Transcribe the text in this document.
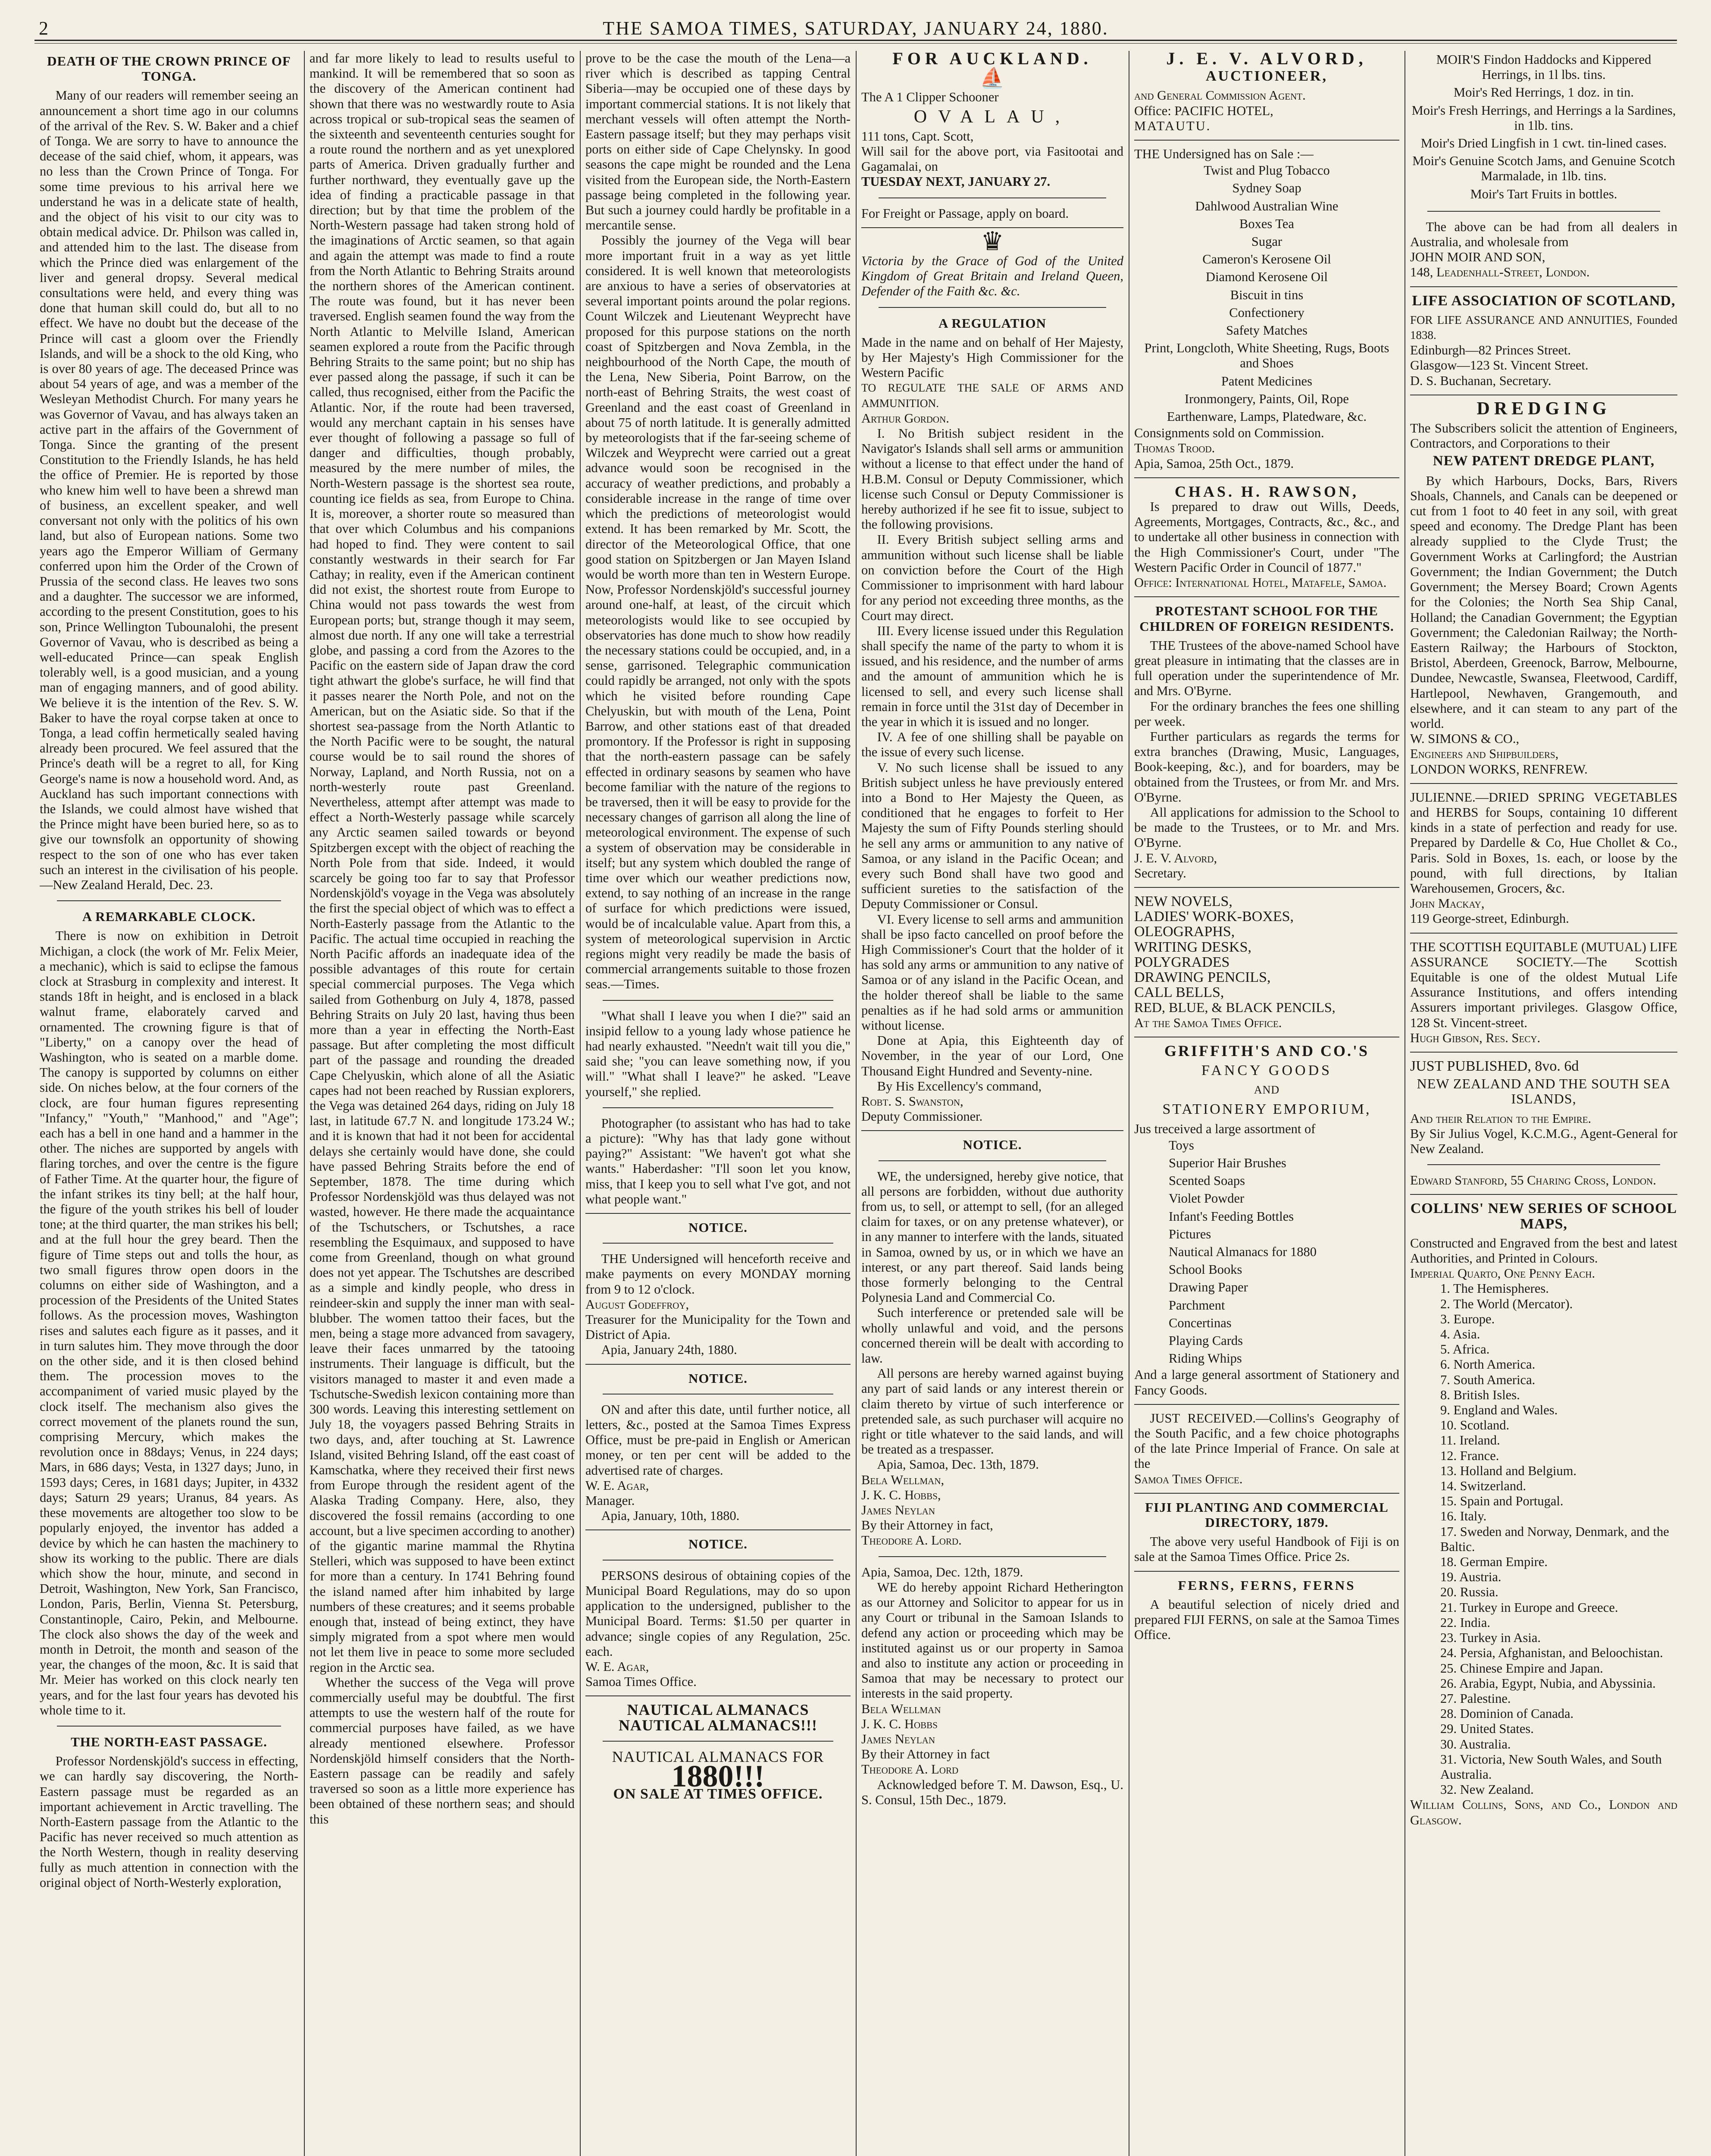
2	THE SAMOA TIMES, SATURDAY, JANUARY 24, 1880.
DEATH OF THE CROWN PRINCE OF TONGA.

Many of our readers will remember seeing an announcement a short time ago in our columns of the arrival of the Rev. S. W. Baker and a chief of Tonga. We are sorry to have to announce the decease of the said chief, whom, it appears, was no less than the Crown Prince of Tonga. For some time previous to his arrival here we understand he was in a delicate state of health, and the object of his visit to our city was to obtain medical advice. Dr. Philson was called in, and attended him to the last. The disease from which the Prince died was enlargement of the liver and general dropsy. Several medical consultations were held, and every thing was done that human skill could do, but all to no effect. We have no doubt but the decease of the Prince will cast a gloom over the Friendly Islands, and will be a shock to the old King, who is over 80 years of age. The deceased Prince was about 54 years of age, and was a member of the Wesleyan Methodist Church. For many years he was Governor of Vavau, and has always taken an active part in the affairs of the Government of Tonga. Since the granting of the present Constitution to the Friendly Islands, he has held the office of Premier. He is reported by those who knew him well to have been a shrewd man of business, an excellent speaker, and well conversant not only with the politics of his own land, but also of European nations. Some two years ago the Emperor William of Germany conferred upon him the Order of the Crown of Prussia of the second class. He leaves two sons and a daughter. The successor we are informed, according to the present Constitution, goes to his son, Prince Wellington Tubounalohi, the present Governor of Vavau, who is described as being a well-educated Prince—can speak English tolerably well, is a good musician, and a young man of engaging manners, and of good ability. We believe it is the intention of the Rev. S. W. Baker to have the royal corpse taken at once to Tonga, a lead coffin hermetically sealed having already been procured. We feel assured that the Prince's death will be a regret to all, for King George's name is now a household word. And, as Auckland has such important connections with the Islands, we could almost have wished that the Prince might have been buried here, so as to give our townsfolk an opportunity of showing respect to the son of one who has ever taken such an interest in the civilisation of his people.—New Zealand Herald, Dec. 23.

A REMARKABLE CLOCK.

There is now on exhibition in Detroit Michigan, a clock (the work of Mr. Felix Meier, a mechanic), which is said to eclipse the famous clock at Strasburg in complexity and interest. It stands 18ft in height, and is enclosed in a black walnut frame, elaborately carved and ornamented. The crowning figure is that of "Liberty," on a canopy over the head of Washington, who is seated on a marble dome. The canopy is supported by columns on either side. On niches below, at the four corners of the clock, are four human figures representing "Infancy," "Youth," "Manhood," and "Age"; each has a bell in one hand and a hammer in the other. The niches are supported by angels with flaring torches, and over the centre is the figure of Father Time. At the quarter hour, the figure of the infant strikes its tiny bell; at the half hour, the figure of the youth strikes his bell of louder tone; at the third quarter, the man strikes his bell; and at the full hour the grey beard. Then the figure of Time steps out and tolls the hour, as two small figures throw open doors in the columns on either side of Washington, and a procession of the Presidents of the United States follows. As the procession moves, Washington rises and salutes each figure as it passes, and it in turn salutes him. They move through the door on the other side, and it is then closed behind them. The procession moves to the accompaniment of varied music played by the clock itself. The mechanism also gives the correct movement of the planets round the sun, comprising Mercury, which makes the revolution once in 88days; Venus, in 224 days; Mars, in 686 days; Vesta, in 1327 days; Juno, in 1593 days; Ceres, in 1681 days; Jupiter, in 4332 days; Saturn 29 years; Uranus, 84 years. As these movements are altogether too slow to be popularly enjoyed, the inventor has added a device by which he can hasten the machinery to show its working to the public. There are dials which show the hour, minute, and second in Detroit, Washington, New York, San Francisco, London, Paris, Berlin, Vienna St. Petersburg, Constantinople, Cairo, Pekin, and Melbourne. The clock also shows the day of the week and month in Detroit, the month and season of the year, the changes of the moon, &c. It is said that Mr. Meier has worked on this clock nearly ten years, and for the last four years has devoted his whole time to it.

THE NORTH-EAST PASSAGE.

Professor Nordenskjöld's success in effecting, we can hardly say discovering, the North-Eastern passage must be regarded as an important achievement in Arctic travelling. The North-Eastern passage from the Atlantic to the Pacific has never received so much attention as the North Western, though in reality deserving fully as much attention in connection with the original object of North-Westerly exploration,

and far more likely to lead to results useful to mankind. It will be remembered that so soon as the discovery of the American continent had shown that there was no westwardly route to Asia across tropical or sub-tropical seas the seamen of the sixteenth and seventeenth centuries sought for a route round the northern and as yet unexplored parts of America. Driven gradually further and further northward, they eventually gave up the idea of finding a practicable passage in that direction; but by that time the problem of the North-Western passage had taken strong hold of the imaginations of Arctic seamen, so that again and again the attempt was made to find a route from the North Atlantic to Behring Straits around the northern shores of the American continent. The route was found, but it has never been traversed. English seamen found the way from the North Atlantic to Melville Island, American seamen explored a route from the Pacific through Behring Straits to the same point; but no ship has ever passed along the passage, if such it can be called, thus recognised, either from the Pacific the Atlantic. Nor, if the route had been traversed, would any merchant captain in his senses have ever thought of following a passage so full of danger and difficulties, though probably, measured by the mere number of miles, the North-Western passage is the shortest sea route, counting ice fields as sea, from Europe to China. It is, moreover, a shorter route so measured than that over which Columbus and his companions had hoped to find. They were content to sail constantly westwards in their search for Far Cathay; in reality, even if the American continent did not exist, the shortest route from Europe to China would not pass towards the west from European ports; but, strange though it may seem, almost due north. If any one will take a terrestrial globe, and passing a cord from the Azores to the Pacific on the eastern side of Japan draw the cord tight athwart the globe's surface, he will find that it passes nearer the North Pole, and not on the American, but on the Asiatic side. So that if the shortest sea-passage from the North Atlantic to the North Pacific were to be sought, the natural course would be to sail round the shores of Norway, Lapland, and North Russia, not on a north-westerly route past Greenland. Nevertheless, attempt after attempt was made to effect a North-Westerly passage while scarcely any Arctic seamen sailed towards or beyond Spitzbergen except with the object of reaching the North Pole from that side. Indeed, it would scarcely be going too far to say that Professor Nordenskjöld's voyage in the Vega was absolutely the first the special object of which was to effect a North-Easterly passage from the Atlantic to the Pacific. The actual time occupied in reaching the North Pacific affords an inadequate idea of the possible advantages of this route for certain special commercial purposes. The Vega which sailed from Gothenburg on July 4, 1878, passed Behring Straits on July 20 last, having thus been more than a year in effecting the North-East passage. But after completing the most difficult part of the passage and rounding the dreaded Cape Chelyuskin, which alone of all the Asiatic capes had not been reached by Russian explorers, the Vega was detained 264 days, riding on July 18 last, in latitude 67.7 N. and longitude 173.24 W.; and it is known that had it not been for accidental delays she certainly would have done, she could have passed Behring Straits before the end of September, 1878. The time during which Professor Nordenskjöld was thus delayed was not wasted, however. He there made the acquaintance of the Tschutschers, or Tschutshes, a race resembling the Esquimaux, and supposed to have come from Greenland, though on what ground does not yet appear. The Tschutshes are described as a simple and kindly people, who dress in reindeer-skin and supply the inner man with seal-blubber. The women tattoo their faces, but the men, being a stage more advanced from savagery, leave their faces unmarred by the tatooing instruments. Their language is difficult, but the visitors managed to master it and even made a Tschutsche-Swedish lexicon containing more than 300 words. Leaving this interesting settlement on July 18, the voyagers passed Behring Straits in two days, and, after touching at St. Lawrence Island, visited Behring Island, off the east coast of Kamschatka, where they received their first news from Europe through the resident agent of the Alaska Trading Company. Here, also, they discovered the fossil remains (according to one account, but a live specimen according to another) of the gigantic marine mammal the Rhytina Stelleri, which was supposed to have been extinct for more than a century. In 1741 Behring found the island named after him inhabited by large numbers of these creatures; and it seems probable enough that, instead of being extinct, they have simply migrated from a spot where men would not let them live in peace to some more secluded region in the Arctic sea.

Whether the success of the Vega will prove commercially useful may be doubtful. The first attempts to use the western half of the route for commercial purposes have failed, as we have already mentioned elsewhere. Professor Nordenskjöld himself considers that the North-Eastern passage can be readily and safely traversed so soon as a little more experience has been obtained of these northern seas; and should this

prove to be the case the mouth of the Lena—a river which is described as tapping Central Siberia—may be occupied one of these days by important commercial stations. It is not likely that merchant vessels will often attempt the North-Eastern passage itself; but they may perhaps visit ports on either side of Cape Chelynsky. In good seasons the cape might be rounded and the Lena visited from the European side, the North-Eastern passage being completed in the following year. But such a journey could hardly be profitable in a mercantile sense.

Possibly the journey of the Vega will bear more important fruit in a way as yet little considered. It is well known that meteorologists are anxious to have a series of observatories at several important points around the polar regions. Count Wilczek and Lieutenant Weyprecht have proposed for this purpose stations on the north coast of Spitzbergen and Nova Zembla, in the neighbourhood of the North Cape, the mouth of the Lena, New Siberia, Point Barrow, on the north-east of Behring Straits, the west coast of Greenland and the east coast of Greenland in about 75 of north latitude. It is generally admitted by meteorologists that if the far-seeing scheme of Wilczek and Weyprecht were carried out a great advance would soon be recognised in the accuracy of weather predictions, and probably a considerable increase in the range of time over which the predictions of meteorologist would extend. It has been remarked by Mr. Scott, the director of the Meteorological Office, that one good station on Spitzbergen or Jan Mayen Island would be worth more than ten in Western Europe. Now, Professor Nordenskjöld's successful journey around one-half, at least, of the circuit which meteorologists would like to see occupied by observatories has done much to show how readily the necessary stations could be occupied, and, in a sense, garrisoned. Telegraphic communication could rapidly be arranged, not only with the spots which he visited before rounding Cape Chelyuskin, but with mouth of the Lena, Point Barrow, and other stations east of that dreaded promontory. If the Professor is right in supposing that the north-eastern passage can be safely effected in ordinary seasons by seamen who have become familiar with the nature of the regions to be traversed, then it will be easy to provide for the necessary changes of garrison all along the line of meteorological environment. The expense of such a system of observation may be considerable in itself; but any system which doubled the range of time over which our weather predictions now, extend, to say nothing of an increase in the range of surface for which predictions were issued, would be of incalculable value. Apart from this, a system of meteorological supervision in Arctic regions might very readily be made the basis of commercial arrangements suitable to those frozen seas.—Times.

"What shall I leave you when I die?" said an insipid fellow to a young lady whose patience he had nearly exhausted. "Needn't wait till you die," said she; "you can leave something now, if you will." "What shall I leave?" he asked. "Leave yourself," she replied.

Photographer (to assistant who has had to take a picture): "Why has that lady gone without paying?" Assistant: "We haven't got what she wants." Haberdasher: "I'll soon let you know, miss, that I keep you to sell what I've got, and not what people want."

NOTICE.

THE Undersigned will henceforth receive and make payments on every MONDAY morning from 9 to 12 o'clock.

August Godeffroy,

Treasurer for the Municipality for the Town and District of Apia.

Apia, January 24th, 1880.

NOTICE.

ON and after this date, until further notice, all letters, &c., posted at the Samoa Times Express Office, must be pre-paid in English or American money, or ten per cent will be added to the advertised rate of charges.

W. E. Agar,

Manager.

Apia, January, 10th, 1880.

NOTICE.

PERSONS desirous of obtaining copies of the Municipal Board Regulations, may do so upon application to the undersigned, publisher to the Municipal Board. Terms: $1.50 per quarter in advance; single copies of any Regulation, 25c. each.

W. E. Agar,

Samoa Times Office.

NAUTICAL ALMANACS NAUTICAL ALMANACS!!!
NAUTICAL ALMANACS FOR
1880!!!
ON SALE AT TIMES OFFICE.
FOR AUCKLAND.
⛵

The A 1 Clipper Schooner

OVALAU,

111 tons, Capt. Scott,

Will sail for the above port, via Fasitootai and Gagamalai, on

TUESDAY NEXT, JANUARY 27.

For Freight or Passage, apply on board.

♛

Victoria by the Grace of God of the United Kingdom of Great Britain and Ireland Queen, Defender of the Faith &c. &c.

A REGULATION

Made in the name and on behalf of Her Majesty, by Her Majesty's High Commissioner for the Western Pacific

TO REGULATE THE SALE OF ARMS AND AMMUNITION.

Arthur Gordon.

I. No British subject resident in the Navigator's Islands shall sell arms or ammunition without a license to that effect under the hand of H.B.M. Consul or Deputy Commissioner, which license such Consul or Deputy Commissioner is hereby authorized if he see fit to issue, subject to the following provisions.

II. Every British subject selling arms and ammunition without such license shall be liable on conviction before the Court of the High Commissioner to imprisonment with hard labour for any period not exceeding three months, as the Court may direct.

III. Every license issued under this Regulation shall specify the name of the party to whom it is issued, and his residence, and the number of arms and the amount of ammunition which he is licensed to sell, and every such license shall remain in force until the 31st day of December in the year in which it is issued and no longer.

IV. A fee of one shilling shall be payable on the issue of every such license.

V. No such license shall be issued to any British subject unless he have previously entered into a Bond to Her Majesty the Queen, as conditioned that he engages to forfeit to Her Majesty the sum of Fifty Pounds sterling should he sell any arms or ammunition to any native of Samoa, or any island in the Pacific Ocean; and every such Bond shall have two good and sufficient sureties to the satisfaction of the Deputy Commissioner or Consul.

VI. Every license to sell arms and ammunition shall be ipso facto cancelled on proof before the High Commissioner's Court that the holder of it has sold any arms or ammunition to any native of Samoa or of any island in the Pacific Ocean, and the holder thereof shall be liable to the same penalties as if he had sold arms or ammunition without license.

Done at Apia, this Eighteenth day of November, in the year of our Lord, One Thousand Eight Hundred and Seventy-nine.

By His Excellency's command,

Robt. S. Swanston,

Deputy Commissioner.

NOTICE.

WE, the undersigned, hereby give notice, that all persons are forbidden, without due authority from us, to sell, or attempt to sell, (for an alleged claim for taxes, or on any pretense whatever), or in any manner to interfere with the lands, situated in Samoa, owned by us, or in which we have an interest, or any part thereof. Said lands being those formerly belonging to the Central Polynesia Land and Commercial Co.

Such interference or pretended sale will be wholly unlawful and void, and the persons concerned therein will be dealt with according to law.

All persons are hereby warned against buying any part of said lands or any interest therein or claim thereto by virtue of such interference or pretended sale, as such purchaser will acquire no right or title whatever to the said lands, and will be treated as a trespasser.

Apia, Samoa, Dec. 13th, 1879.

Bela Wellman,

J. K. C. Hobbs,

James Neylan

By their Attorney in fact,

Theodore A. Lord.

Apia, Samoa, Dec. 12th, 1879.

WE do hereby appoint Richard Hetherington as our Attorney and Solicitor to appear for us in any Court or tribunal in the Samoan Islands to defend any action or proceeding which may be instituted against us or our property in Samoa and also to institute any action or proceeding in Samoa that may be necessary to protect our interests in the said property.

Bela Wellman

J. K. C. Hobbs

James Neylan

By their Attorney in fact

Theodore A. Lord

Acknowledged before T. M. Dawson, Esq., U. S. Consul, 15th Dec., 1879.

J. E. V. ALVORD,
AUCTIONEER,

and General Commission Agent.

Office: PACIFIC HOTEL,

MATAUTU.

THE Undersigned has on Sale :—

Twist and Plug Tobacco
Sydney Soap
Dahlwood Australian Wine
Boxes Tea
Sugar
Cameron's Kerosene Oil
Diamond Kerosene Oil
Biscuit in tins
Confectionery
Safety Matches
Print, Longcloth, White Sheeting, Rugs, Boots and Shoes
Patent Medicines
Ironmongery, Paints, Oil, Rope
Earthenware, Lamps, Platedware, &c.

Consignments sold on Commission.

Thomas Trood.

Apia, Samoa, 25th Oct., 1879.

CHAS. H. RAWSON,

Is prepared to draw out Wills, Deeds, Agreements, Mortgages, Contracts, &c., &c., and to undertake all other business in connection with the High Commissioner's Court, under "The Western Pacific Order in Council of 1877."

Office: International Hotel, Matafele, Samoa.

PROTESTANT SCHOOL FOR THE CHILDREN OF FOREIGN RESIDENTS.

THE Trustees of the above-named School have great pleasure in intimating that the classes are in full operation under the superintendence of Mr. and Mrs. O'Byrne.

For the ordinary branches the fees one shilling per week.

Further particulars as regards the terms for extra branches (Drawing, Music, Languages, Book-keeping, &c.), and for boarders, may be obtained from the Trustees, or from Mr. and Mrs. O'Byrne.

All applications for admission to the School to be made to the Trustees, or to Mr. and Mrs. O'Byrne.

J. E. V. Alvord,

Secretary.

NEW NOVELS,

LADIES' WORK-BOXES,

OLEOGRAPHS,

WRITING DESKS,

POLYGRADES

DRAWING PENCILS,

CALL BELLS,

RED, BLUE, & BLACK PENCILS,

At the Samoa Times Office.

GRIFFITH'S AND CO.'S
FANCY GOODS
AND
STATIONERY EMPORIUM,

Jus treceived a large assortment of

Toys
Superior Hair Brushes
Scented Soaps
Violet Powder
Infant's Feeding Bottles
Pictures
Nautical Almanacs for 1880
School Books
Drawing Paper
Parchment
Concertinas
Playing Cards
Riding Whips

And a large general assortment of Stationery and Fancy Goods.

JUST RECEIVED.—Collins's Geography of the South Pacific, and a few choice photographs of the late Prince Imperial of France. On sale at the

Samoa Times Office.

FIJI PLANTING AND COMMERCIAL DIRECTORY, 1879.

The above very useful Handbook of Fiji is on sale at the Samoa Times Office. Price 2s.

FERNS, FERNS, FERNS

A beautiful selection of nicely dried and prepared FIJI FERNS, on sale at the Samoa Times Office.

MOIR'S Findon Haddocks and Kippered Herrings, in 1l lbs. tins.
Moir's Red Herrings, 1 doz. in tin.
Moir's Fresh Herrings, and Herrings a la Sardines, in 1lb. tins.
Moir's Dried Lingfish in 1 cwt. tin-lined cases.
Moir's Genuine Scotch Jams, and Genuine Scotch Marmalade, in 1lb. tins.
Moir's Tart Fruits in bottles.

The above can be had from all dealers in Australia, and wholesale from

JOHN MOIR AND SON,

148, Leadenhall-Street, London.

LIFE ASSOCIATION OF SCOTLAND,

FOR LIFE ASSURANCE AND ANNUITIES, Founded 1838.

Edinburgh—82 Princes Street.

Glasgow—123 St. Vincent Street.

D. S. Buchanan, Secretary.

DREDGING

The Subscribers solicit the attention of Engineers, Contractors, and Corporations to their

NEW PATENT DREDGE PLANT,

By which Harbours, Docks, Bars, Rivers Shoals, Channels, and Canals can be deepened or cut from 1 foot to 40 feet in any soil, with great speed and economy. The Dredge Plant has been already supplied to the Clyde Trust; the Government Works at Carlingford; the Austrian Government; the Indian Government; the Dutch Government; the Mersey Board; Crown Agents for the Colonies; the North Sea Ship Canal, Holland; the Canadian Government; the Egyptian Government; the Caledonian Railway; the North-Eastern Railway; the Harbours of Stockton, Bristol, Aberdeen, Greenock, Barrow, Melbourne, Dundee, Newcastle, Swansea, Fleetwood, Cardiff, Hartlepool, Newhaven, Grangemouth, and elsewhere, and it can steam to any part of the world.

W. SIMONS & CO.,

Engineers and Shipbuilders,

LONDON WORKS, RENFREW.

JULIENNE.—DRIED SPRING VEGETABLES and HERBS for Soups, containing 10 different kinds in a state of perfection and ready for use. Prepared by Dardelle & Co, Hue Chollet & Co., Paris. Sold in Boxes, 1s. each, or loose by the pound, with full directions, by Italian Warehousemen, Grocers, &c.

John Mackay,

119 George-street, Edinburgh.

THE SCOTTISH EQUITABLE (MUTUAL) LIFE ASSURANCE SOCIETY.—The Scottish Equitable is one of the oldest Mutual Life Assurance Institutions, and offers intending Assurers important privileges. Glasgow Office, 128 St. Vincent-street.

Hugh Gibson, Res. Secy.

JUST PUBLISHED, 8vo. 6d

NEW ZEALAND AND THE SOUTH SEA ISLANDS,

And their Relation to the Empire.

By Sir Julius Vogel, K.C.M.G., Agent-General for New Zealand.

Edward Stanford, 55 Charing Cross, London.

COLLINS' NEW SERIES OF SCHOOL MAPS,

Constructed and Engraved from the best and latest Authorities, and Printed in Colours.

Imperial Quarto, One Penny Each.

1. The Hemispheres.
2. The World (Mercator).
3. Europe.
4. Asia.
5. Africa.
6. North America.
7. South America.
8. British Isles.
9. England and Wales.
10. Scotland.
11. Ireland.
12. France.
13. Holland and Belgium.
14. Switzerland.
15. Spain and Portugal.
16. Italy.
17. Sweden and Norway, Denmark, and the Baltic.
18. German Empire.
19. Austria.
20. Russia.
21. Turkey in Europe and Greece.
22. India.
23. Turkey in Asia.
24. Persia, Afghanistan, and Beloochistan.
25. Chinese Empire and Japan.
26. Arabia, Egypt, Nubia, and Abyssinia.
27. Palestine.
28. Dominion of Canada.
29. United States.
30. Australia.
31. Victoria, New South Wales, and South Australia.
32. New Zealand.

William Collins, Sons, and Co., London and Glasgow.
